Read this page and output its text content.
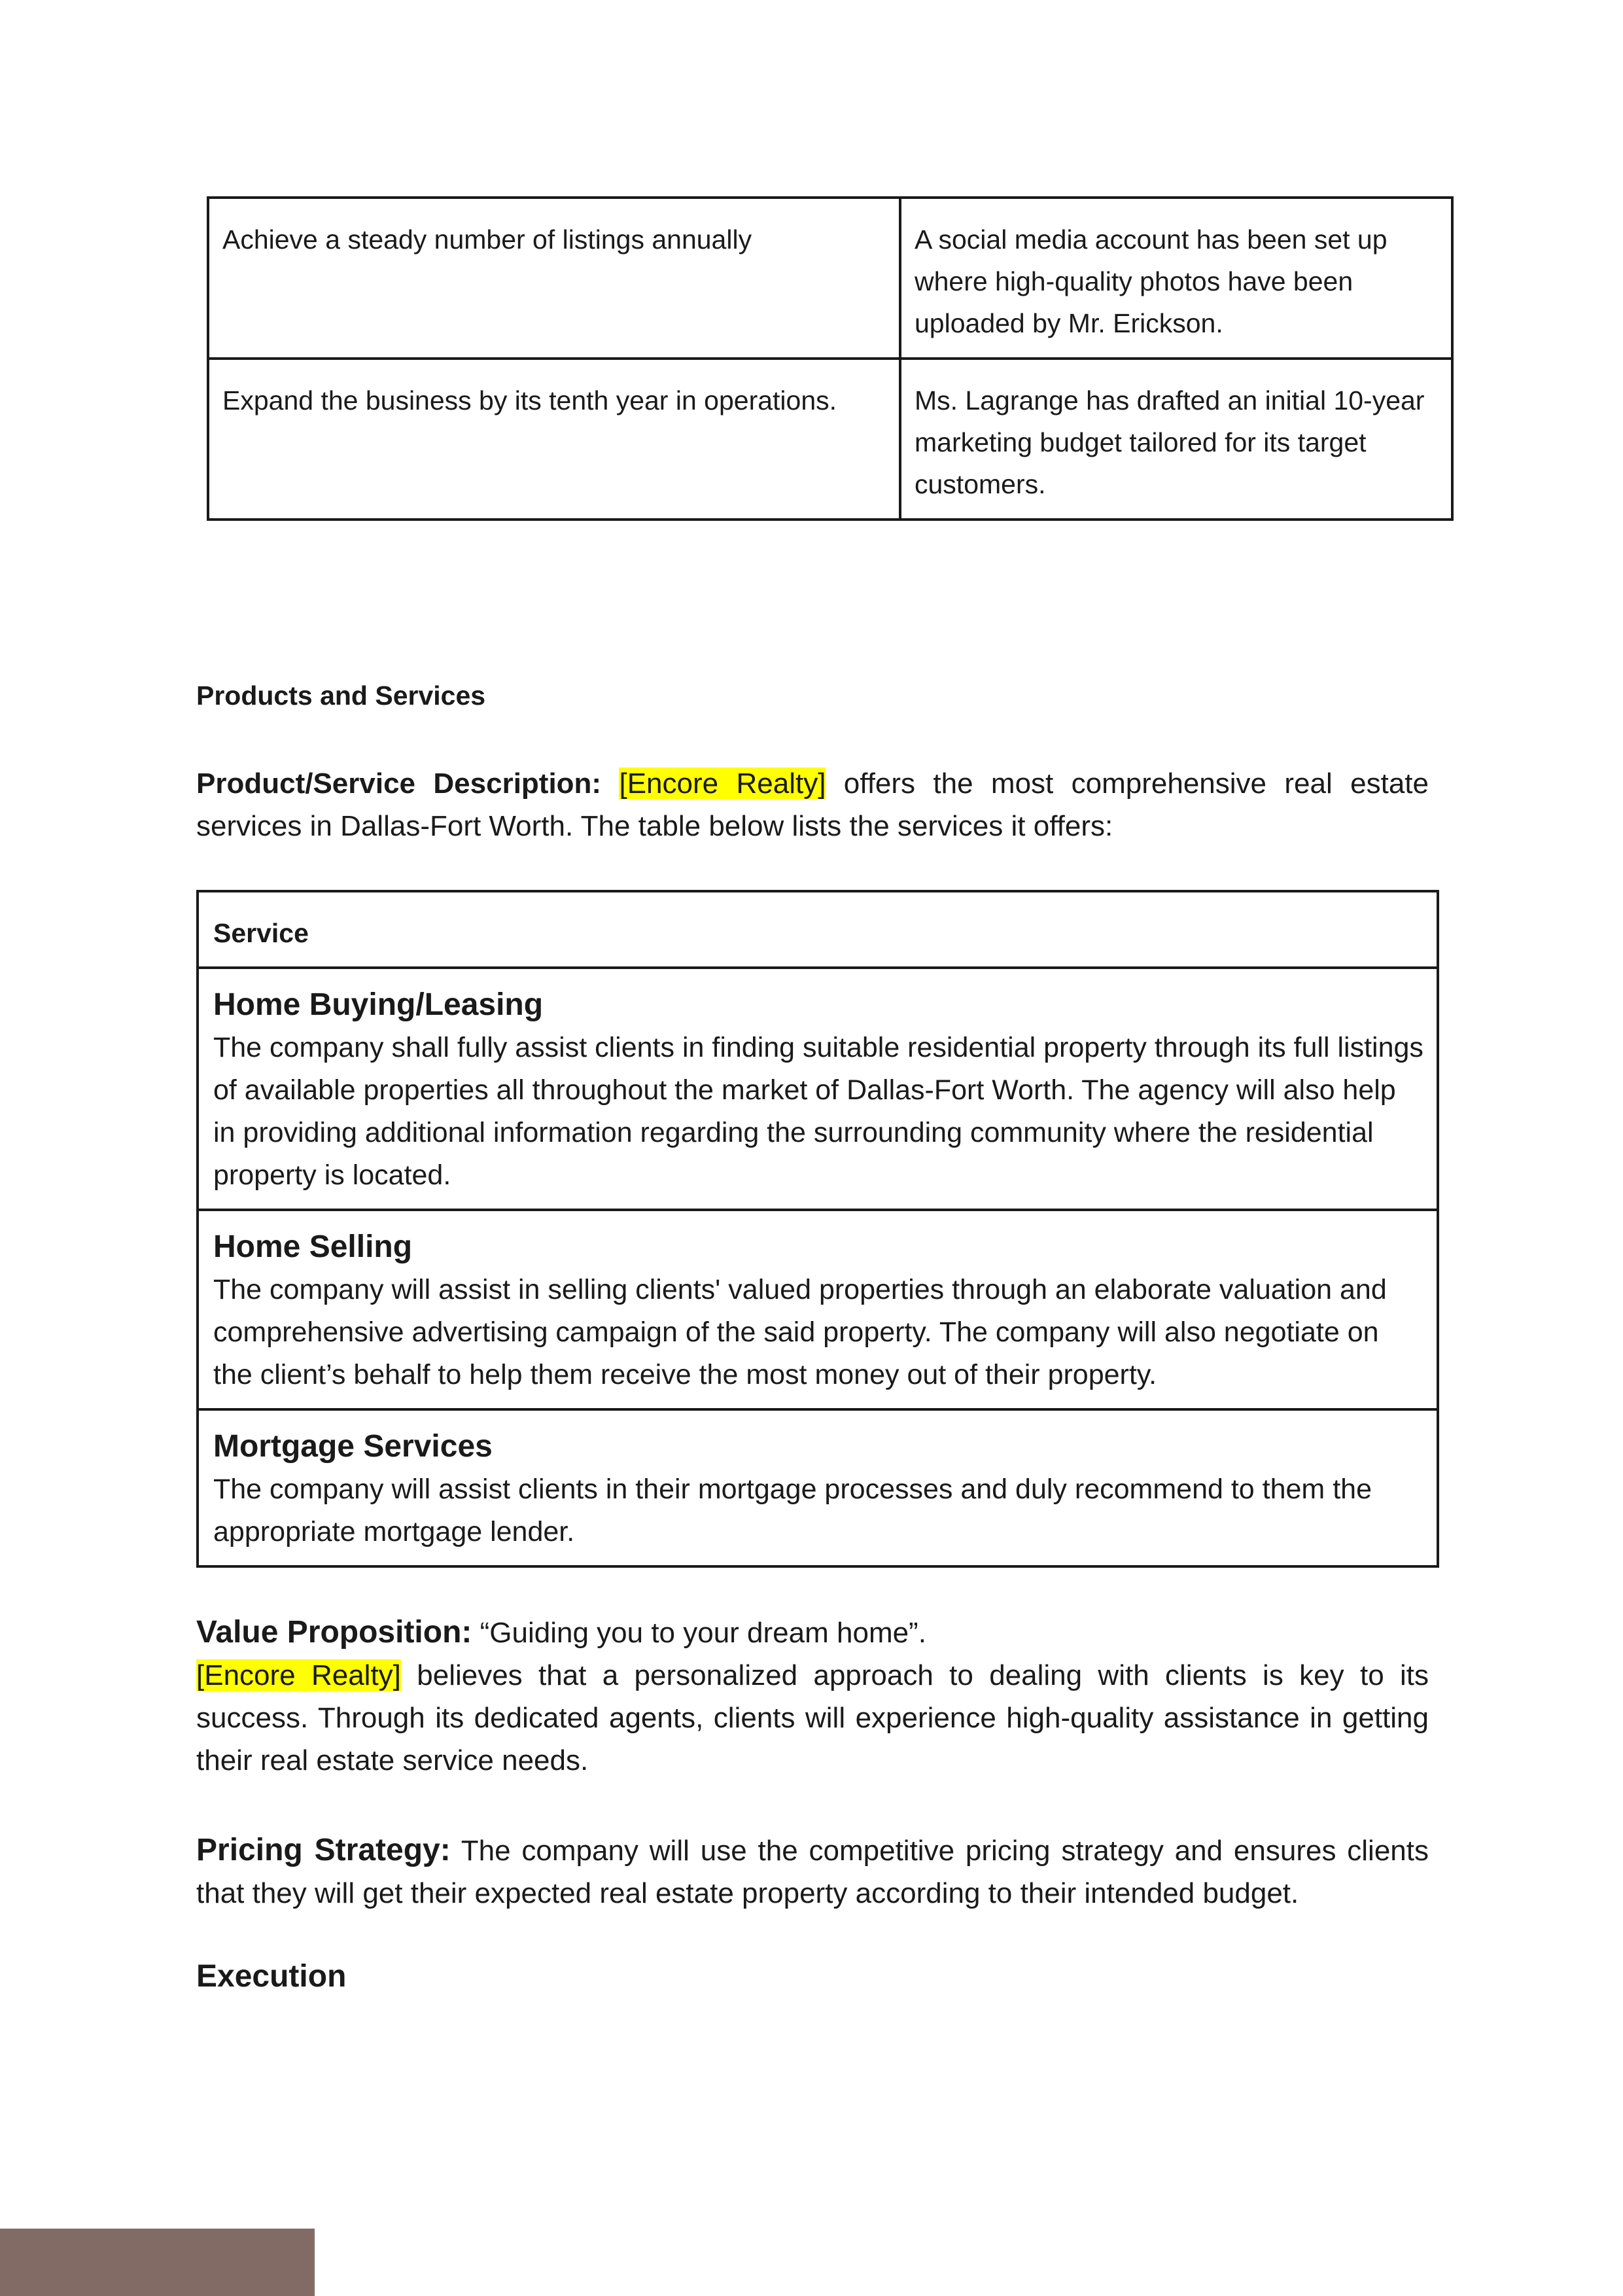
Achieve a steady number of listings annually	A social media account has been set up where high-quality photos have been uploaded by Mr. Erickson.
Expand the business by its tenth year in operations.	Ms. Lagrange has drafted an initial 10-year marketing budget tailored for its target customers.
Products and Services

Product/Service Description: [Encore Realty] offers the most comprehensive real estate services in Dallas-Fort Worth. The table below lists the services it offers:

Service

Home Buying/Leasing
The company shall fully assist clients in finding suitable residential property through its full listings of available properties all throughout the market of Dallas-Fort Worth. The agency will also help in providing additional information regarding the surrounding community where the residential property is located.

Home Selling
The company will assist in selling clients' valued properties through an elaborate valuation and comprehensive advertising campaign of the said property. The company will also negotiate on the client’s behalf to help them receive the most money out of their property.

Mortgage Services
The company will assist clients in their mortgage processes and duly recommend to them the appropriate mortgage lender.

Value Proposition: “Guiding you to your dream home”.
[Encore Realty] believes that a personalized approach to dealing with clients is key to its success. Through its dedicated agents, clients will experience high-quality assistance in getting their real estate service needs.

Pricing Strategy: The company will use the competitive pricing strategy and ensures clients that they will get their expected real estate property according to their intended budget.

Execution
